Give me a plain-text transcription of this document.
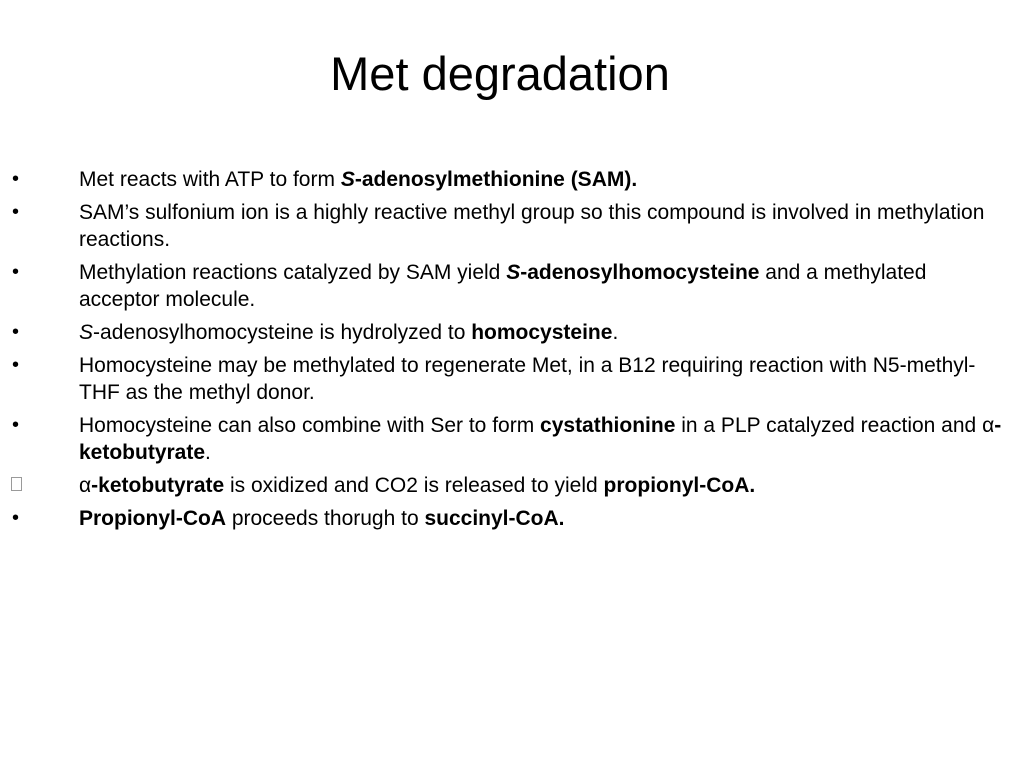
Met degradation
•	Met reacts with ATP to form S-adenosylmethionine (SAM).
•	SAM’s sulfonium ion is a highly reactive methyl group so this compound is involved in methylation reactions.
•	Methylation reactions catalyzed by SAM yield S-adenosylhomocysteine and a methylated acceptor molecule.
•	S-adenosylhomocysteine is hydrolyzed to homocysteine.
•	Homocysteine may be methylated to regenerate Met, in a B12 requiring reaction with N5-methyl-THF as the methyl donor.
•	Homocysteine can also combine with Ser to form cystathionine in a PLP catalyzed reaction and α-ketobutyrate.
α-ketobutyrate is oxidized and CO2 is released to yield propionyl-CoA.
•	Propionyl-CoA proceeds thorugh to succinyl-CoA.
